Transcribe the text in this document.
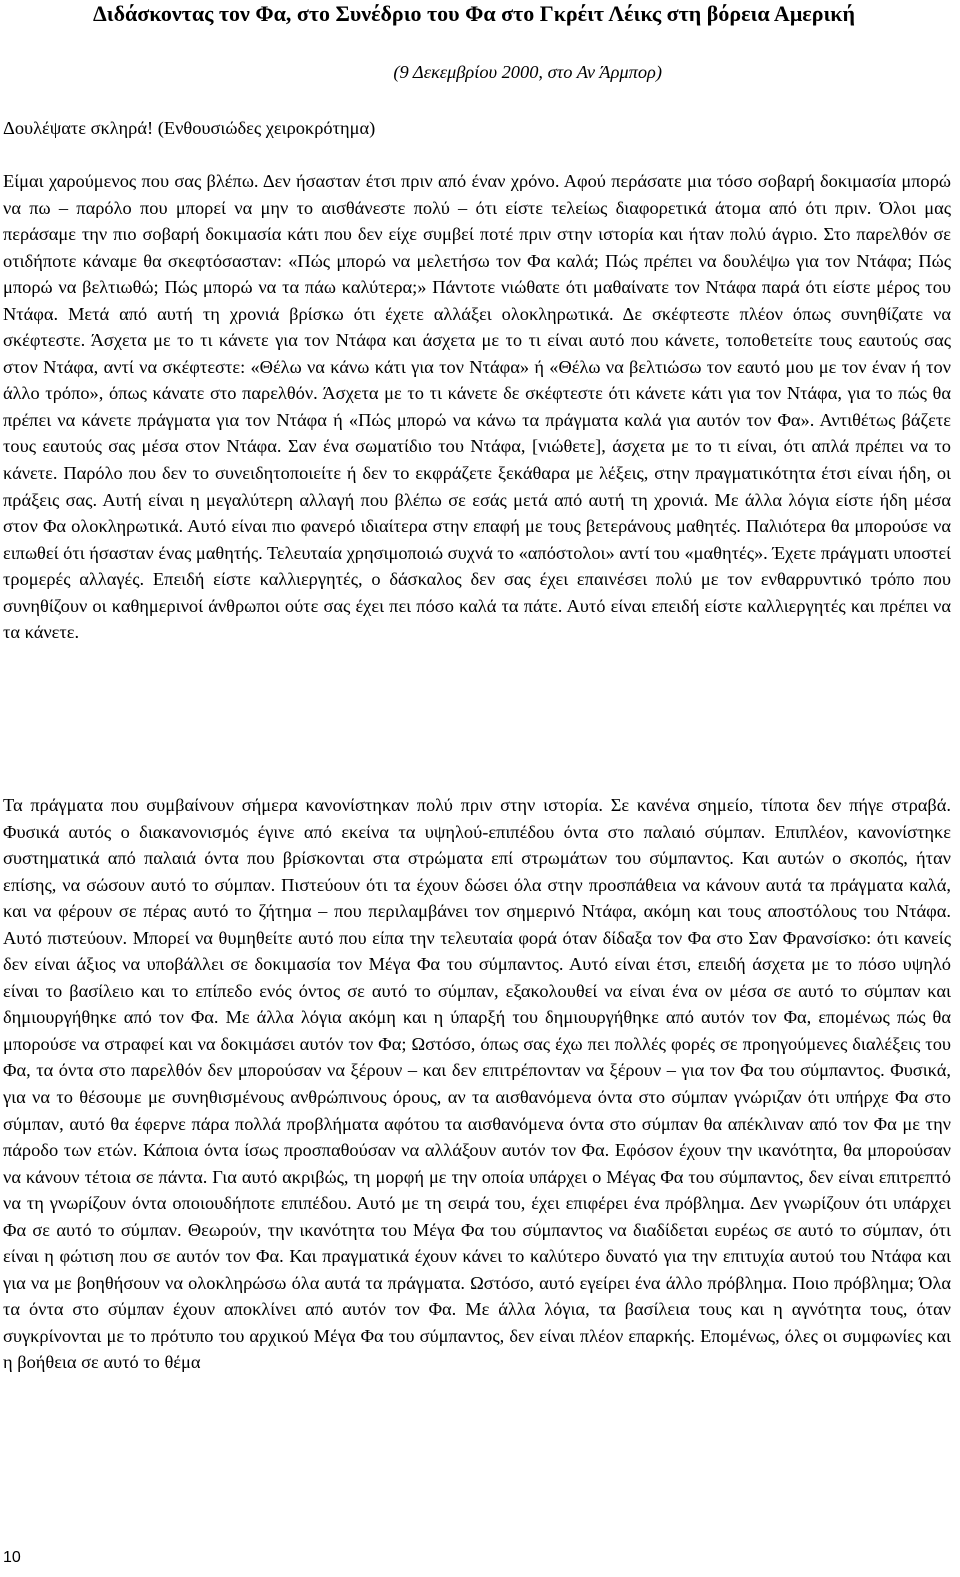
Διδάσκοντας τον Φα, στο Συνέδριο του Φα στο Γκρέιτ Λέικς στη βόρεια Αμερική

(9 Δεκεμβρίου 2000, στο Αν Άρμπορ)

Δουλέψατε σκληρά! (Ενθουσιώδες χειροκρότημα)

Είμαι χαρούμενος που σας βλέπω. Δεν ήσασταν έτσι πριν από έναν χρόνο. Αφού περάσατε μια τόσο σοβαρή δοκιμασία μπορώ να πω – παρόλο που μπορεί να μην το αισθάνεστε πολύ – ότι είστε τελείως διαφορετικά άτομα από ότι πριν. Όλοι μας περάσαμε την πιο σοβαρή δοκιμασία κάτι που δεν είχε συμβεί ποτέ πριν στην ιστορία και ήταν πολύ άγριο. Στο παρελθόν σε οτιδήποτε κάναμε θα σκεφτόσασταν: «Πώς μπορώ να μελετήσω τον Φα καλά; Πώς πρέπει να δουλέψω για τον Ντάφα; Πώς μπορώ να βελτιωθώ; Πώς μπορώ να τα πάω καλύτερα;» Πάντοτε νιώθατε ότι μαθαίνατε τον Ντάφα παρά ότι είστε μέρος του Ντάφα. Μετά από αυτή τη χρονιά βρίσκω ότι έχετε αλλάξει ολοκληρωτικά. Δε σκέφτεστε πλέον όπως συνηθίζατε να σκέφτεστε. Άσχετα με το τι κάνετε για τον Ντάφα και άσχετα με το τι είναι αυτό που κάνετε, τοποθετείτε τους εαυτούς σας στον Ντάφα, αντί να σκέφτεστε: «Θέλω να κάνω κάτι για τον Ντάφα» ή «Θέλω να βελτιώσω τον εαυτό μου με τον έναν ή τον άλλο τρόπο», όπως κάνατε στο παρελθόν. Άσχετα με το τι κάνετε δε σκέφτεστε ότι κάνετε κάτι για τον Ντάφα, για το πώς θα πρέπει να κάνετε πράγματα για τον Ντάφα ή «Πώς μπορώ να κάνω τα πράγματα καλά για αυτόν τον Φα». Αντιθέτως βάζετε τους εαυτούς σας μέσα στον Ντάφα. Σαν ένα σωματίδιο του Ντάφα, [νιώθετε], άσχετα με το τι είναι, ότι απλά πρέπει να το κάνετε. Παρόλο που δεν το συνειδητοποιείτε ή δεν το εκφράζετε ξεκάθαρα με λέξεις, στην πραγματικότητα έτσι είναι ήδη, οι πράξεις σας. Αυτή είναι η μεγαλύτερη αλλαγή που βλέπω σε εσάς μετά από αυτή τη χρονιά. Με άλλα λόγια είστε ήδη μέσα στον Φα ολοκληρωτικά. Αυτό είναι πιο φανερό ιδιαίτερα στην επαφή με τους βετεράνους μαθητές. Παλιότερα θα μπορούσε να ειπωθεί ότι ήσασταν ένας μαθητής. Τελευταία χρησιμοποιώ συχνά το «απόστολοι» αντί του «μαθητές». Έχετε πράγματι υποστεί τρομερές αλλαγές. Επειδή είστε καλλιεργητές, ο δάσκαλος δεν σας έχει επαινέσει πολύ με τον ενθαρρυντικό τρόπο που συνηθίζουν οι καθημερινοί άνθρωποι ούτε σας έχει πει πόσο καλά τα πάτε. Αυτό είναι επειδή είστε καλλιεργητές και πρέπει να τα κάνετε.

Τα πράγματα που συμβαίνουν σήμερα κανονίστηκαν πολύ πριν στην ιστορία. Σε κανένα σημείο, τίποτα δεν πήγε στραβά. Φυσικά αυτός ο διακανονισμός έγινε από εκείνα τα υψηλού-επιπέδου όντα στο παλαιό σύμπαν. Επιπλέον, κανονίστηκε συστηματικά από παλαιά όντα που βρίσκονται στα στρώματα επί στρωμάτων του σύμπαντος. Και αυτών ο σκοπός, ήταν επίσης, να σώσουν αυτό το σύμπαν. Πιστεύουν ότι τα έχουν δώσει όλα στην προσπάθεια να κάνουν αυτά τα πράγματα καλά, και να φέρουν σε πέρας αυτό το ζήτημα – που περιλαμβάνει τον σημερινό Ντάφα, ακόμη και τους αποστόλους του Ντάφα. Αυτό πιστεύουν. Μπορεί να θυμηθείτε αυτό που είπα την τελευταία φορά όταν δίδαξα τον Φα στο Σαν Φρανσίσκο: ότι κανείς δεν είναι άξιος να υποβάλλει σε δοκιμασία τον Μέγα Φα του σύμπαντος. Αυτό είναι έτσι, επειδή άσχετα με το πόσο υψηλό είναι το βασίλειο και το επίπεδο ενός όντος σε αυτό το σύμπαν, εξακολουθεί να είναι ένα ον μέσα σε αυτό το σύμπαν και δημιουργήθηκε από τον Φα. Με άλλα λόγια ακόμη και η ύπαρξή του δημιουργήθηκε από αυτόν τον Φα, επομένως πώς θα μπορούσε να στραφεί και να δοκιμάσει αυτόν τον Φα; Ωστόσο, όπως σας έχω πει πολλές φορές σε προηγούμενες διαλέξεις του Φα, τα όντα στο παρελθόν δεν μπορούσαν να ξέρουν – και δεν επιτρέπονταν να ξέρουν – για τον Φα του σύμπαντος. Φυσικά, για να το θέσουμε με συνηθισμένους ανθρώπινους όρους, αν τα αισθανόμενα όντα στο σύμπαν γνώριζαν ότι υπήρχε Φα στο σύμπαν, αυτό θα έφερνε πάρα πολλά προβλήματα αφότου τα αισθανόμενα όντα στο σύμπαν θα απέκλιναν από τον Φα με την πάροδο των ετών. Κάποια όντα ίσως προσπαθούσαν να αλλάξουν αυτόν τον Φα. Εφόσον έχουν την ικανότητα, θα μπορούσαν να κάνουν τέτοια σε πάντα. Για αυτό ακριβώς, τη μορφή με την οποία υπάρχει ο Μέγας Φα του σύμπαντος, δεν είναι επιτρεπτό να τη γνωρίζουν όντα οποιουδήποτε επιπέδου. Αυτό με τη σειρά του, έχει επιφέρει ένα πρόβλημα. Δεν γνωρίζουν ότι υπάρχει Φα σε αυτό το σύμπαν. Θεωρούν, την ικανότητα του Μέγα Φα του σύμπαντος να διαδίδεται ευρέως σε αυτό το σύμπαν, ότι είναι η φώτιση που σε αυτόν τον Φα. Και πραγματικά έχουν κάνει το καλύτερο δυνατό για την επιτυχία αυτού του Ντάφα και για να με βοηθήσουν να ολοκληρώσω όλα αυτά τα πράγματα. Ωστόσο, αυτό εγείρει ένα άλλο πρόβλημα. Ποιο πρόβλημα; Όλα τα όντα στο σύμπαν έχουν αποκλίνει από αυτόν τον Φα. Με άλλα λόγια, τα βασίλεια τους και η αγνότητα τους, όταν συγκρίνονται με το πρότυπο του αρχικού Μέγα Φα του σύμπαντος, δεν είναι πλέον επαρκής. Επομένως, όλες οι συμφωνίες και η βοήθεια σε αυτό το θέμα

10
